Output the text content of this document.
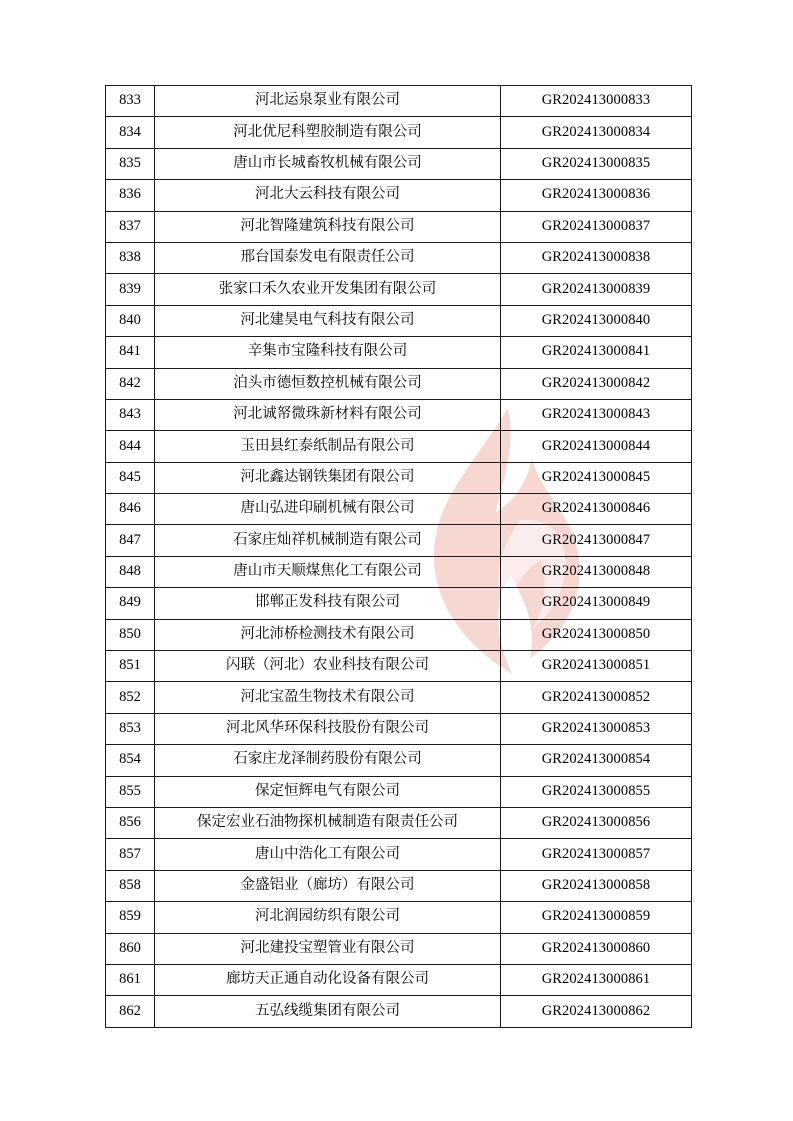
833	河北运泉泵业有限公司	GR202413000833
834	河北优尼科塑胶制造有限公司	GR202413000834
835	唐山市长城畜牧机械有限公司	GR202413000835
836	河北大云科技有限公司	GR202413000836
837	河北智隆建筑科技有限公司	GR202413000837
838	邢台国泰发电有限责任公司	GR202413000838
839	张家口禾久农业开发集团有限公司	GR202413000839
840	河北建昊电气科技有限公司	GR202413000840
841	辛集市宝隆科技有限公司	GR202413000841
842	泊头市德恒数控机械有限公司	GR202413000842
843	河北诚帑微珠新材料有限公司	GR202413000843
844	玉田县红泰纸制品有限公司	GR202413000844
845	河北鑫达钢铁集团有限公司	GR202413000845
846	唐山弘进印刷机械有限公司	GR202413000846
847	石家庄灿祥机械制造有限公司	GR202413000847
848	唐山市天顺煤焦化工有限公司	GR202413000848
849	邯郸正发科技有限公司	GR202413000849
850	河北沛桥检测技术有限公司	GR202413000850
851	闪联（河北）农业科技有限公司	GR202413000851
852	河北宝盈生物技术有限公司	GR202413000852
853	河北风华环保科技股份有限公司	GR202413000853
854	石家庄龙泽制药股份有限公司	GR202413000854
855	保定恒辉电气有限公司	GR202413000855
856	保定宏业石油物探机械制造有限责任公司	GR202413000856
857	唐山中浩化工有限公司	GR202413000857
858	金盛铝业（廊坊）有限公司	GR202413000858
859	河北润园纺织有限公司	GR202413000859
860	河北建投宝塑管业有限公司	GR202413000860
861	廊坊天正通自动化设备有限公司	GR202413000861
862	五弘线缆集团有限公司	GR202413000862
